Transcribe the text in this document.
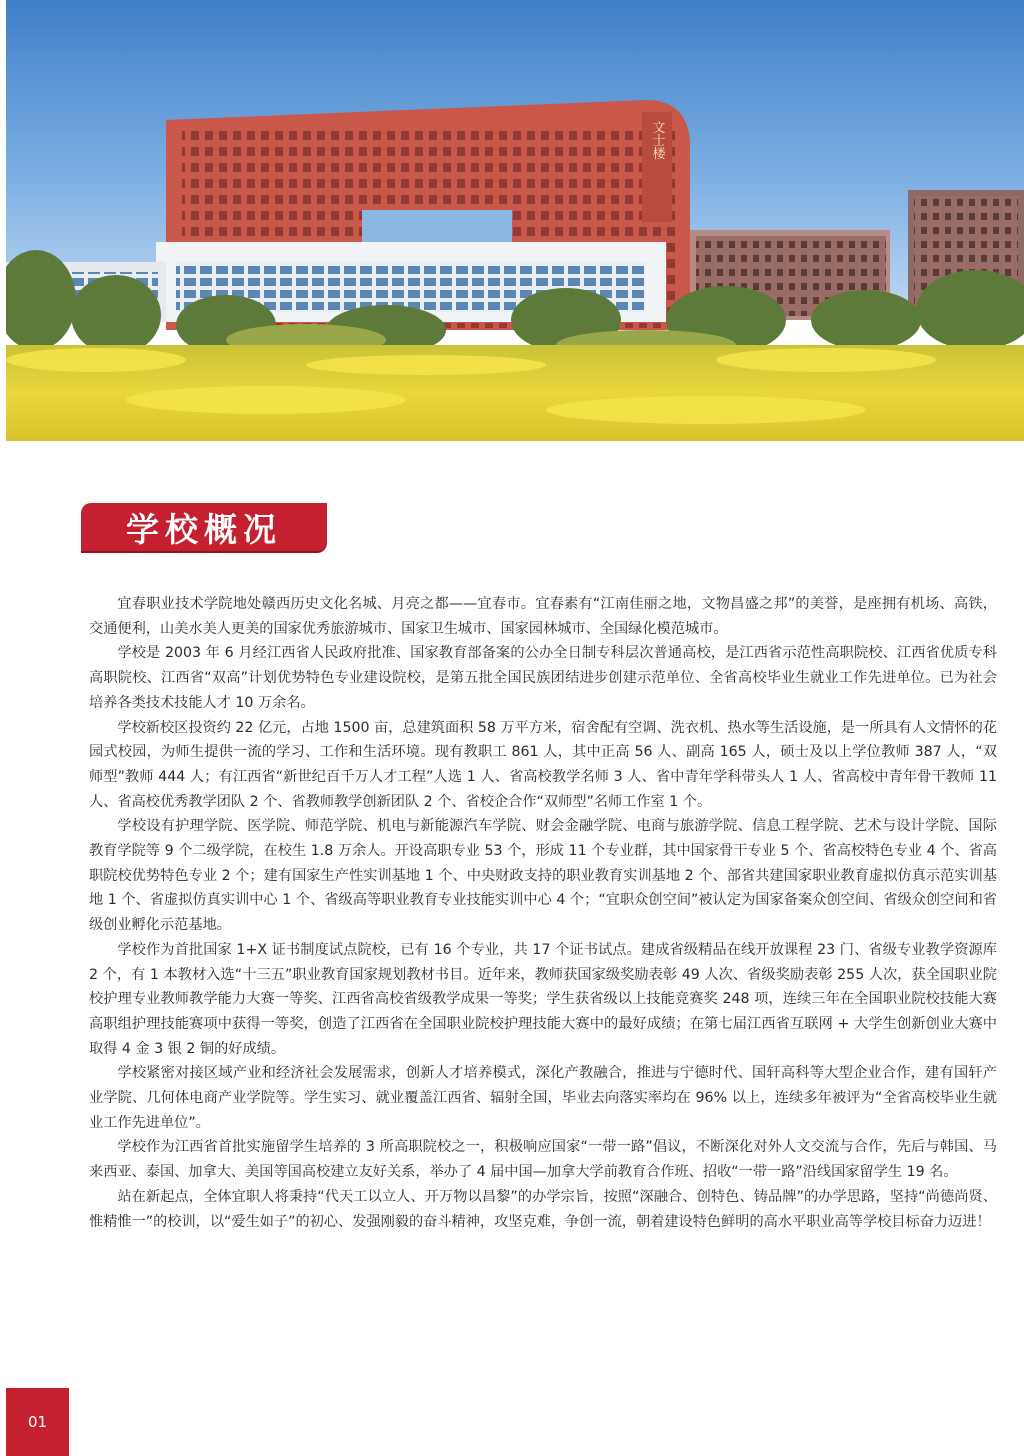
文士楼
学校概况

宜春职业技术学院地处赣西历史文化名城、月亮之都——宜春市。宜春素有“江南佳丽之地，文物昌盛之邦”的美誉，是座拥有机场、高铁，交通便利，山美水美人更美的国家优秀旅游城市、国家卫生城市、国家园林城市、全国绿化模范城市。

学校是 2003 年 6 月经江西省人民政府批准、国家教育部备案的公办全日制专科层次普通高校，是江西省示范性高职院校、江西省优质专科高职院校、江西省“双高”计划优势特色专业建设院校，是第五批全国民族团结进步创建示范单位、全省高校毕业生就业工作先进单位。已为社会培养各类技术技能人才 10 万余名。

学校新校区投资约 22 亿元，占地 1500 亩，总建筑面积 58 万平方米，宿舍配有空调、洗衣机、热水等生活设施，是一所具有人文情怀的花园式校园，为师生提供一流的学习、工作和生活环境。现有教职工 861 人，其中正高 56 人、副高 165 人，硕士及以上学位教师 387 人，“双师型”教师 444 人；有江西省“新世纪百千万人才工程”人选 1 人、省高校教学名师 3 人、省中青年学科带头人 1 人、省高校中青年骨干教师 11 人、省高校优秀教学团队 2 个、省教师教学创新团队 2 个、省校企合作“双师型”名师工作室 1 个。

学校设有护理学院、医学院、师范学院、机电与新能源汽车学院、财会金融学院、电商与旅游学院、信息工程学院、艺术与设计学院、国际教育学院等 9 个二级学院，在校生 1.8 万余人。开设高职专业 53 个，形成 11 个专业群，其中国家骨干专业 5 个、省高校特色专业 4 个、省高职院校优势特色专业 2 个；建有国家生产性实训基地 1 个、中央财政支持的职业教育实训基地 2 个、部省共建国家职业教育虚拟仿真示范实训基地 1 个、省虚拟仿真实训中心 1 个、省级高等职业教育专业技能实训中心 4 个；“宜职众创空间”被认定为国家备案众创空间、省级众创空间和省级创业孵化示范基地。

学校作为首批国家 1+X 证书制度试点院校，已有 16 个专业，共 17 个证书试点。建成省级精品在线开放课程 23 门、省级专业教学资源库 2 个，有 1 本教材入选“十三五”职业教育国家规划教材书目。近年来，教师获国家级奖励表彰 49 人次、省级奖励表彰 255 人次，获全国职业院校护理专业教师教学能力大赛一等奖、江西省高校省级教学成果一等奖；学生获省级以上技能竞赛奖 248 项，连续三年在全国职业院校技能大赛高职组护理技能赛项中获得一等奖，创造了江西省在全国职业院校护理技能大赛中的最好成绩；在第七届江西省互联网 + 大学生创新创业大赛中取得 4 金 3 银 2 铜的好成绩。

学校紧密对接区域产业和经济社会发展需求，创新人才培养模式，深化产教融合，推进与宁德时代、国轩高科等大型企业合作，建有国轩产业学院、几何体电商产业学院等。学生实习、就业覆盖江西省、辐射全国，毕业去向落实率均在 96% 以上，连续多年被评为“全省高校毕业生就业工作先进单位”。

学校作为江西省首批实施留学生培养的 3 所高职院校之一，积极响应国家“一带一路”倡议，不断深化对外人文交流与合作，先后与韩国、马来西亚、泰国、加拿大、美国等国高校建立友好关系，举办了 4 届中国—加拿大学前教育合作班、招收“一带一路”沿线国家留学生 19 名。

站在新起点，全体宜职人将秉持“代天工以立人、开万物以昌黎”的办学宗旨，按照“深融合、创特色、铸品牌”的办学思路，坚持“尚德尚贤、惟精惟一”的校训，以“爱生如子”的初心、发强刚毅的奋斗精神，攻坚克难，争创一流，朝着建设特色鲜明的高水平职业高等学校目标奋力迈进！

01
